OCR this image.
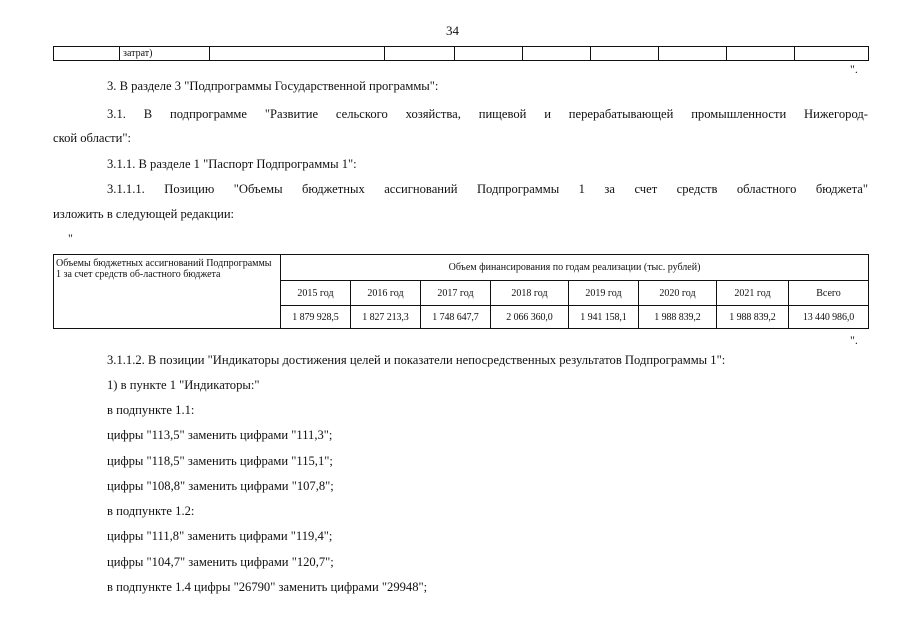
34
	затрат)								
".
3. В разделе 3 "Подпрограммы Государственной программы":
3.1. В подпрограмме "Развитие сельского хозяйства, пищевой и перерабатывающей промышленности Нижегород-
ской области":
3.1.1. В разделе 1 "Паспорт Подпрограммы 1":
3.1.1.1. Позицию "Объемы бюджетных ассигнований Подпрограммы 1 за счет средств областного бюджета"
изложить в следующей редакции:
"
Объемы бюджетных ассигнований Подпрограммы 1 за счет средств об-ластного бюджета	Объем финансирования по годам реализации (тыс. рублей)							
	2015 год	2016 год	2017 год	2018 год	2019 год	2020 год	2021 год	Всего
	1 879 928,5	1 827 213,3	1 748 647,7	2 066 360,0	1 941 158,1	1 988 839,2	1 988 839,2	13 440 986,0
".
3.1.1.2. В позиции "Индикаторы достижения целей и показатели непосредственных результатов Подпрограммы 1":
1) в пункте 1 "Индикаторы:"
в подпункте 1.1:
цифры "113,5" заменить цифрами "111,3";
цифры "118,5" заменить цифрами "115,1";
цифры "108,8" заменить цифрами "107,8";
в подпункте 1.2:
цифры "111,8" заменить цифрами "119,4";
цифры "104,7" заменить цифрами "120,7";
в подпункте 1.4 цифры "26790" заменить цифрами "29948";
